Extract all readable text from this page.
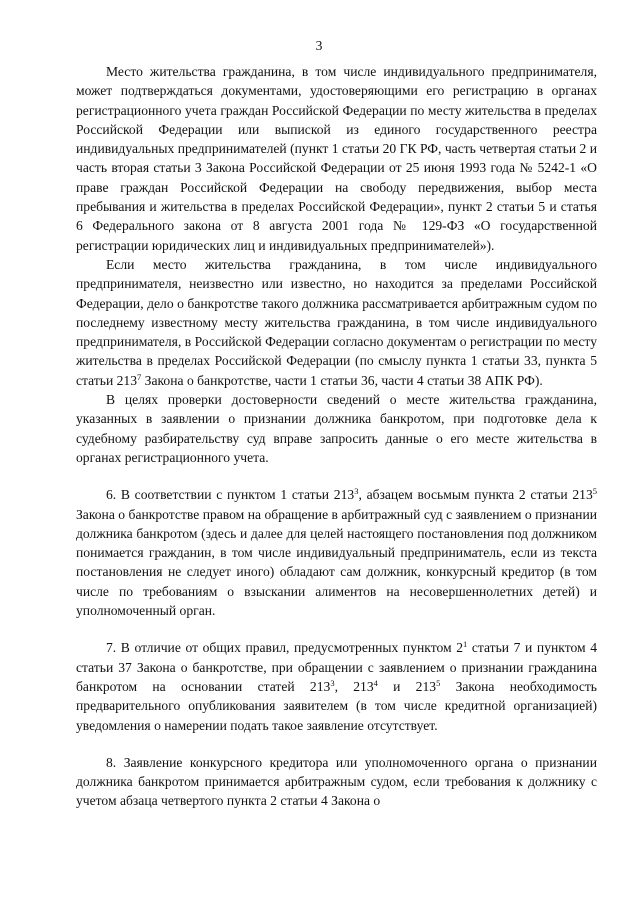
3

Место жительства гражданина, в том числе индивидуального предпринимателя, может подтверждаться документами, удостоверяющими его регистрацию в органах регистрационного учета граждан Российской Федерации по месту жительства в пределах Российской Федерации или выпиской из единого государственного реестра индивидуальных предпринимателей (пункт 1 статьи 20 ГК РФ, часть четвертая статьи 2 и часть вторая статьи 3 Закона Российской Федерации от 25 июня 1993 года № 5242-1 «О праве граждан Российской Федерации на свободу передвижения, выбор места пребывания и жительства в пределах Российской Федерации», пункт 2 статьи 5 и статья 6 Федерального закона от 8 августа 2001 года № 129-ФЗ «О государственной регистрации юридических лиц и индивидуальных предпринимателей»).

Если место жительства гражданина, в том числе индивидуального предпринимателя, неизвестно или известно, но находится за пределами Российской Федерации, дело о банкротстве такого должника рассматривается арбитражным судом по последнему известному месту жительства гражданина, в том числе индивидуального предпринимателя, в Российской Федерации согласно документам о регистрации по месту жительства в пределах Российской Федерации (по смыслу пункта 1 статьи 33, пункта 5 статьи $213^7$ Закона о банкротстве, части 1 статьи 36, части 4 статьи 38 АПК РФ).

В целях проверки достоверности сведений о месте жительства гражданина, указанных в заявлении о признании должника банкротом, при подготовке дела к судебному разбирательству суд вправе запросить данные о его месте жительства в органах регистрационного учета.

6. В соответствии с пунктом 1 статьи $213^3$, абзацем восьмым пункта 2 статьи $213^5$ Закона о банкротстве правом на обращение в арбитражный суд с заявлением о признании должника банкротом (здесь и далее для целей настоящего постановления под должником понимается гражданин, в том числе индивидуальный предприниматель, если из текста постановления не следует иного) обладают сам должник, конкурсный кредитор (в том числе по требованиям о взыскании алиментов на несовершеннолетних детей) и уполномоченный орган.

7. В отличие от общих правил, предусмотренных пунктом $2^1$ статьи 7 и пунктом 4 статьи 37 Закона о банкротстве, при обращении с заявлением о признании гражданина банкротом на основании статей $213^3$, $213^4$ и $213^5$ Закона необходимость предварительного опубликования заявителем (в том числе кредитной организацией) уведомления о намерении подать такое заявление отсутствует.

8. Заявление конкурсного кредитора или уполномоченного органа о признании должника банкротом принимается арбитражным судом, если требования к должнику с учетом абзаца четвертого пункта 2 статьи 4 Закона о
